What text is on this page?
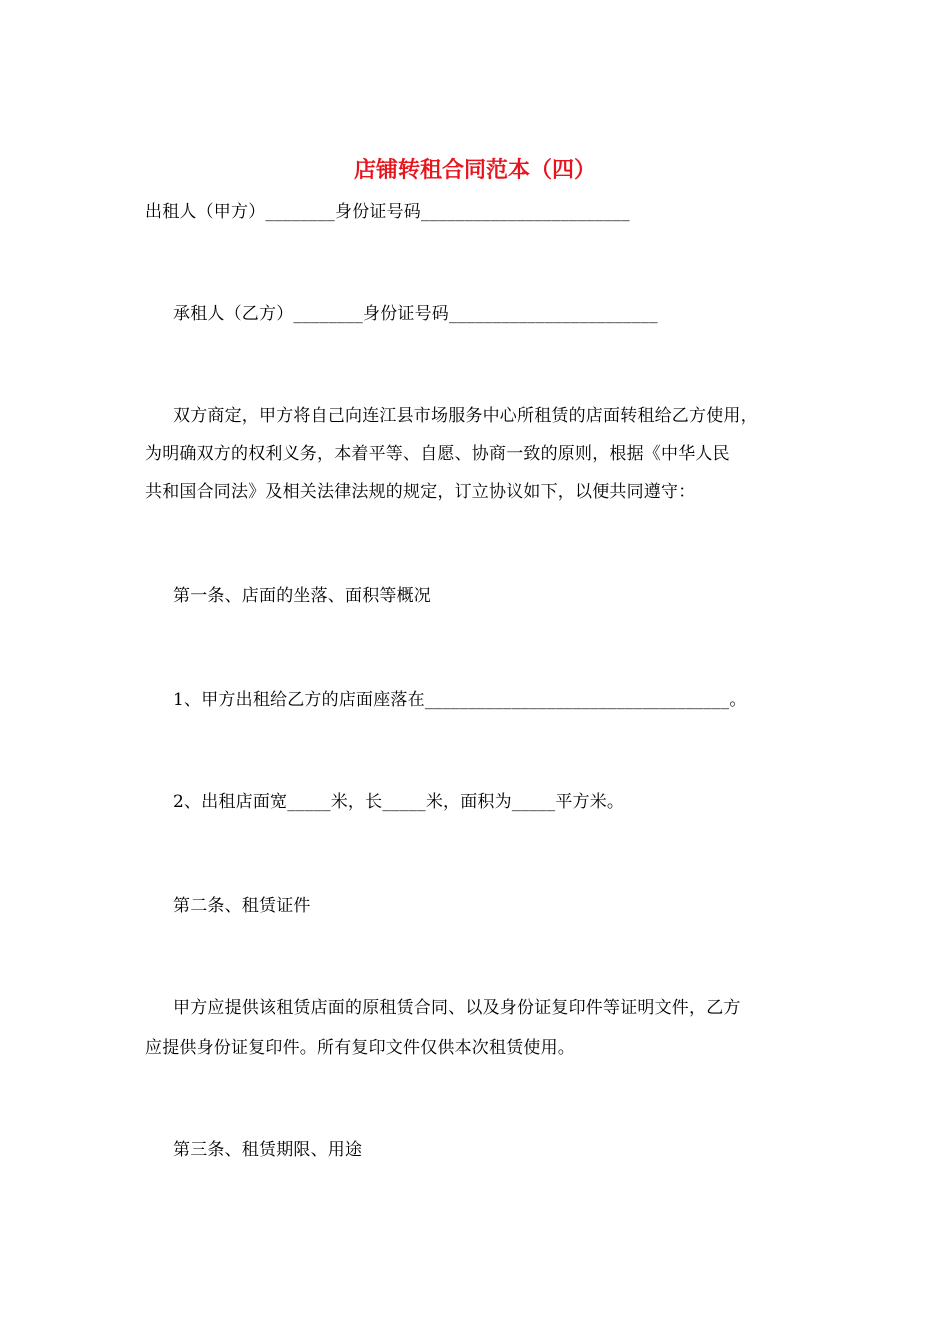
店铺转租合同范本（四）
出租人（甲方）________身份证号码________________________
承租人（乙方）________身份证号码________________________
双方商定，甲方将自己向连江县市场服务中心所租赁的店面转租给乙方使用，
为明确双方的权利义务，本着平等、自愿、协商一致的原则，根据《中华人民
共和国合同法》及相关法律法规的规定，订立协议如下，以便共同遵守：
第一条、店面的坐落、面积等概况
1、甲方出租给乙方的店面座落在___________________________________。
2、出租店面宽_____米，长_____米，面积为_____平方米。
第二条、租赁证件
甲方应提供该租赁店面的原租赁合同、以及身份证复印件等证明文件，乙方
应提供身份证复印件。所有复印文件仅供本次租赁使用。
第三条、租赁期限、用途
